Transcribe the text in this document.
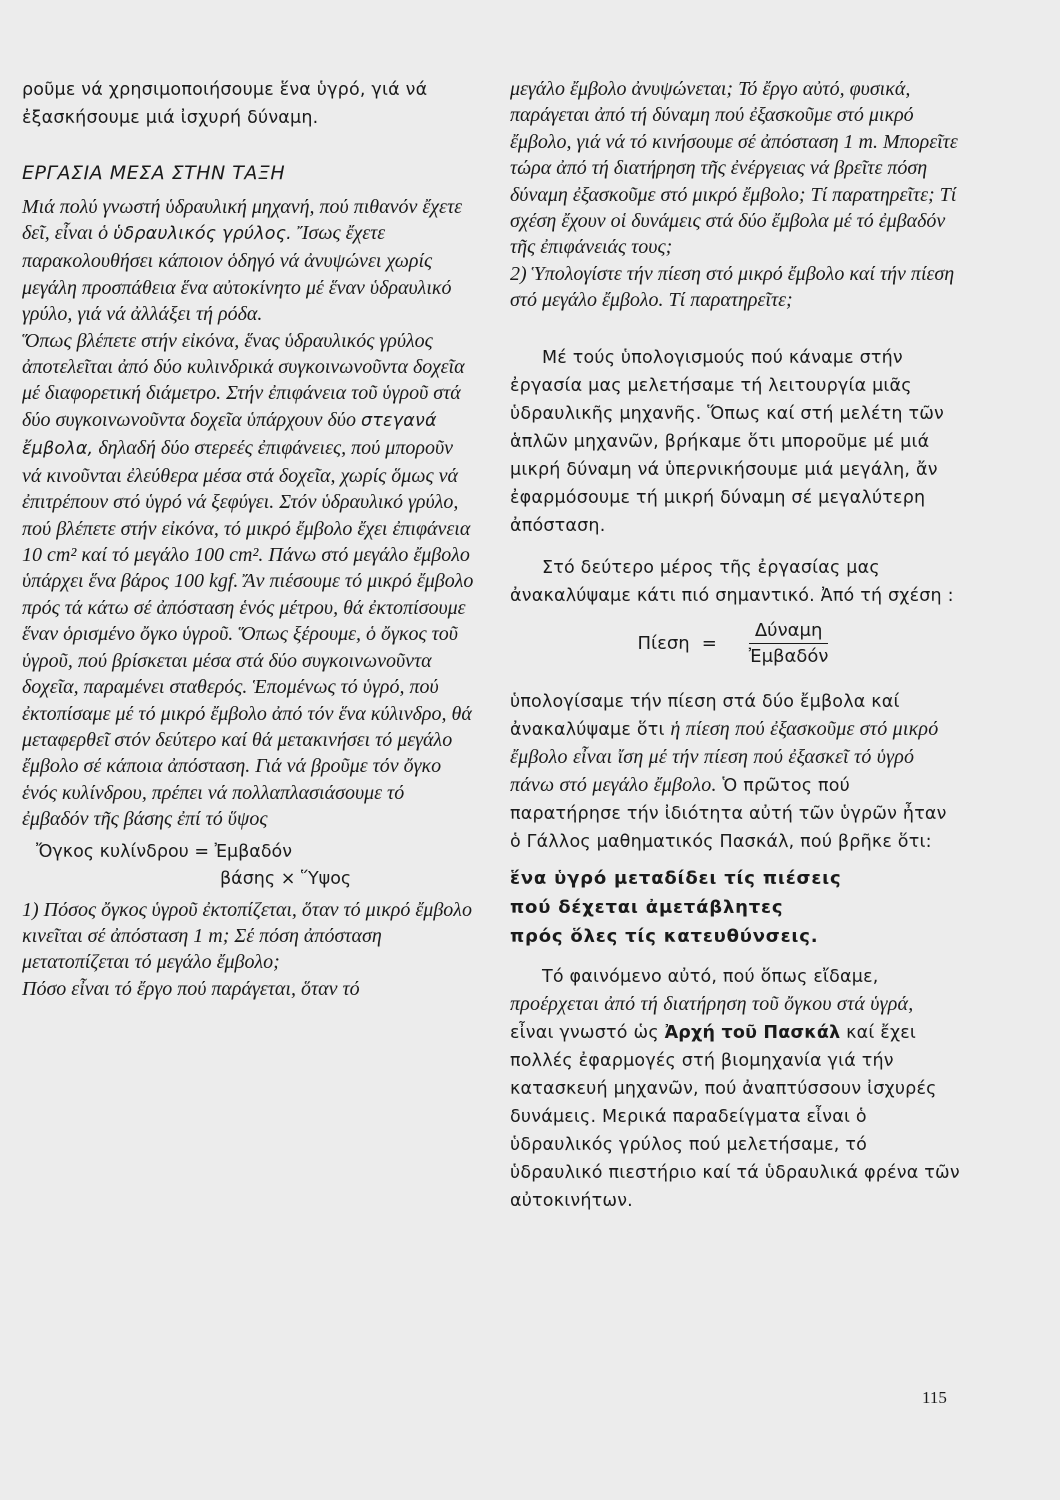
ροῦμε νά χρησιμοποιήσουμε ἕνα ὑγρό, γιά νά ἐξασκήσουμε μιά ἰσχυρή δύναμη.

ΕΡΓΑΣΙΑ ΜΕΣΑ ΣΤΗΝ ΤΑΞΗ

Μιά πολύ γνωστή ὑδραυλική μηχανή, πού πιθανόν ἔχετε δεῖ, εἶναι ὁ ὑδραυλικός γρύλος. Ἴσως ἔχετε παρακολουθήσει κάποιον ὁδηγό νά ἀνυψώνει χωρίς μεγάλη προσπάθεια ἕνα αὐτοκίνητο μέ ἕναν ὑδραυλικό γρύλο, γιά νά ἀλλάξει τή ρόδα.

Ὅπως βλέπετε στήν εἰκόνα, ἕνας ὑδραυλικός γρύλος ἀποτελεῖται ἀπό δύο κυλινδρικά συγκοινωνοῦντα δοχεῖα μέ διαφορετική διάμετρο. Στήν ἐπιφάνεια τοῦ ὑγροῦ στά δύο συγκοινωνοῦντα δοχεῖα ὑπάρχουν δύο στεγανά ἔμβολα, δηλαδή δύο στερεές ἐπιφάνειες, πού μποροῦν νά κινοῦνται ἐλεύθερα μέσα στά δοχεῖα, χωρίς ὅμως νά ἐπιτρέπουν στό ὑγρό νά ξεφύγει. Στόν ὑδραυλικό γρύλο, πού βλέπετε στήν εἰκόνα, τό μικρό ἔμβολο ἔχει ἐπιφάνεια 10 cm² καί τό μεγάλο 100 cm². Πάνω στό μεγάλο ἔμβολο ὑπάρχει ἕνα βάρος 100 kgf. Ἄν πιέσουμε τό μικρό ἔμβολο πρός τά κάτω σέ ἀπόσταση ἑνός μέτρου, θά ἐκτοπίσουμε ἕναν ὁρισμένο ὄγκο ὑγροῦ. Ὅπως ξέρουμε, ὁ ὄγκος τοῦ ὑγροῦ, πού βρίσκεται μέσα στά δύο συγκοινωνοῦντα δοχεῖα, παραμένει σταθερός. Ἑπομένως τό ὑγρό, πού ἐκτοπίσαμε μέ τό μικρό ἔμβολο ἀπό τόν ἕνα κύλινδρο, θά μεταφερθεῖ στόν δεύτερο καί θά μετακινήσει τό μεγάλο ἔμβολο σέ κάποια ἀπόσταση. Γιά νά βροῦμε τόν ὄγκο ἑνός κυλίνδρου, πρέπει νά πολλαπλασιάσουμε τό ἐμβαδόν τῆς βάσης ἐπί τό ὕψος

Ὄγκος κυλίνδρου = Ἐμβαδόν
βάσης × Ὕψος

1) Πόσος ὄγκος ὑγροῦ ἐκτοπίζεται, ὅταν τό μικρό ἔμβολο κινεῖται σέ ἀπόσταση 1 m; Σέ πόση ἀπόσταση μετατοπίζεται τό μεγάλο ἔμβολο;

Πόσο εἶναι τό ἔργο πού παράγεται, ὅταν τό

μεγάλο ἔμβολο ἀνυψώνεται; Τό ἔργο αὐτό, φυσικά, παράγεται ἀπό τή δύναμη πού ἐξασκοῦμε στό μικρό ἔμβολο, γιά νά τό κινήσουμε σέ ἀπόσταση 1 m. Μπορεῖτε τώρα ἀπό τή διατήρηση τῆς ἐνέργειας νά βρεῖτε πόση δύναμη ἐξασκοῦμε στό μικρό ἔμβολο; Τί παρατηρεῖτε; Τί σχέση ἔχουν οἱ δυνάμεις στά δύο ἔμβολα μέ τό ἐμβαδόν τῆς ἐπιφάνειάς τους;

2) Ὑπολογίστε τήν πίεση στό μικρό ἔμβολο καί τήν πίεση στό μεγάλο ἔμβολο. Τί παρατηρεῖτε;

Μέ τούς ὑπολογισμούς πού κάναμε στήν ἐργασία μας μελετήσαμε τή λειτουργία μιᾶς ὑδραυλικῆς μηχανῆς. Ὅπως καί στή μελέτη τῶν ἁπλῶν μηχανῶν, βρήκαμε ὅτι μποροῦμε μέ μιά μικρή δύναμη νά ὑπερνικήσουμε μιά μεγάλη, ἄν ἐφαρμόσουμε τή μικρή δύναμη σέ μεγαλύτερη ἀπόσταση.

Στό δεύτερο μέρος τῆς ἐργασίας μας ἀνακαλύψαμε κάτι πιό σημαντικό. Ἀπό τή σχέση :

$\Pi ί\varepsilon\sigma\eta = \frac{\text{Δύναμη}}{\text{Ἐμβαδόν}}$

ὑπολογίσαμε τήν πίεση στά δύο ἔμβολα καί ἀνακαλύψαμε ὅτι ἡ πίεση πού ἐξασκοῦμε στό μικρό ἔμβολο εἶναι ἴση μέ τήν πίεση πού ἐξασκεῖ τό ὑγρό πάνω στό μεγάλο ἔμβολο. Ὁ πρῶτος πού παρατήρησε τήν ἰδιότητα αὐτή τῶν ὑγρῶν ἦταν ὁ Γάλλος μαθηματικός Πασκάλ, πού βρῆκε ὅτι:

ἕνα ὑγρό μεταδίδει τίς πιέσεις
πού δέχεται ἀμετάβλητες
πρός ὅλες τίς κατευθύνσεις.

Τό φαινόμενο αὐτό, πού ὅπως εἴδαμε, προέρχεται ἀπό τή διατήρηση τοῦ ὄγκου στά ὑγρά, εἶναι γνωστό ὡς Ἀρχή τοῦ Πασκάλ καί ἔχει πολλές ἐφαρμογές στή βιομηχανία γιά τήν κατασκευή μηχανῶν, πού ἀναπτύσσουν ἰσχυρές δυνάμεις. Μερικά παραδείγματα εἶναι ὁ ὑδραυλικός γρύλος πού μελετήσαμε, τό ὑδραυλικό πιεστήριο καί τά ὑδραυλικά φρένα τῶν αὐτοκινήτων.

115
